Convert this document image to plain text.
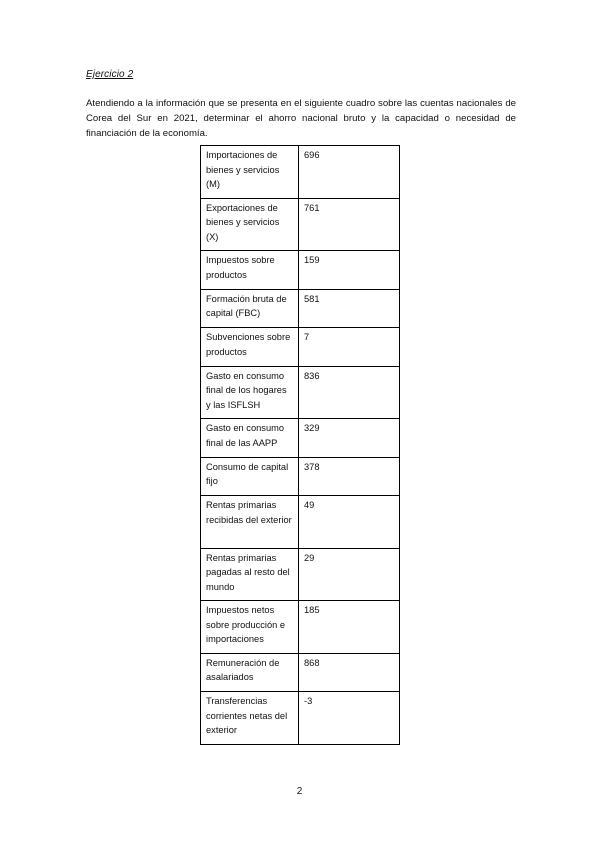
Ejercicio 2

Atendiendo a la información que se presenta en el siguiente cuadro sobre las cuentas nacionales de Corea del Sur en 2021, determinar el ahorro nacional bruto y la capacidad o necesidad de financiación de la economía.

Importaciones de bienes y servicios (M)	696
Exportaciones de bienes y servicios (X)	761
Impuestos sobre productos	159
Formación bruta de capital (FBC)	581
Subvenciones sobre productos	7
Gasto en consumo final de los hogares y las ISFLSH	836
Gasto en consumo final de las AAPP	329
Consumo de capital fijo	378
Rentas primarias recibidas del exterior	49
Rentas primarias pagadas al resto del mundo	29
Impuestos netos sobre producción e importaciones	185
Remuneración de asalariados	868
Transferencias corrientes netas del exterior	-3
2
